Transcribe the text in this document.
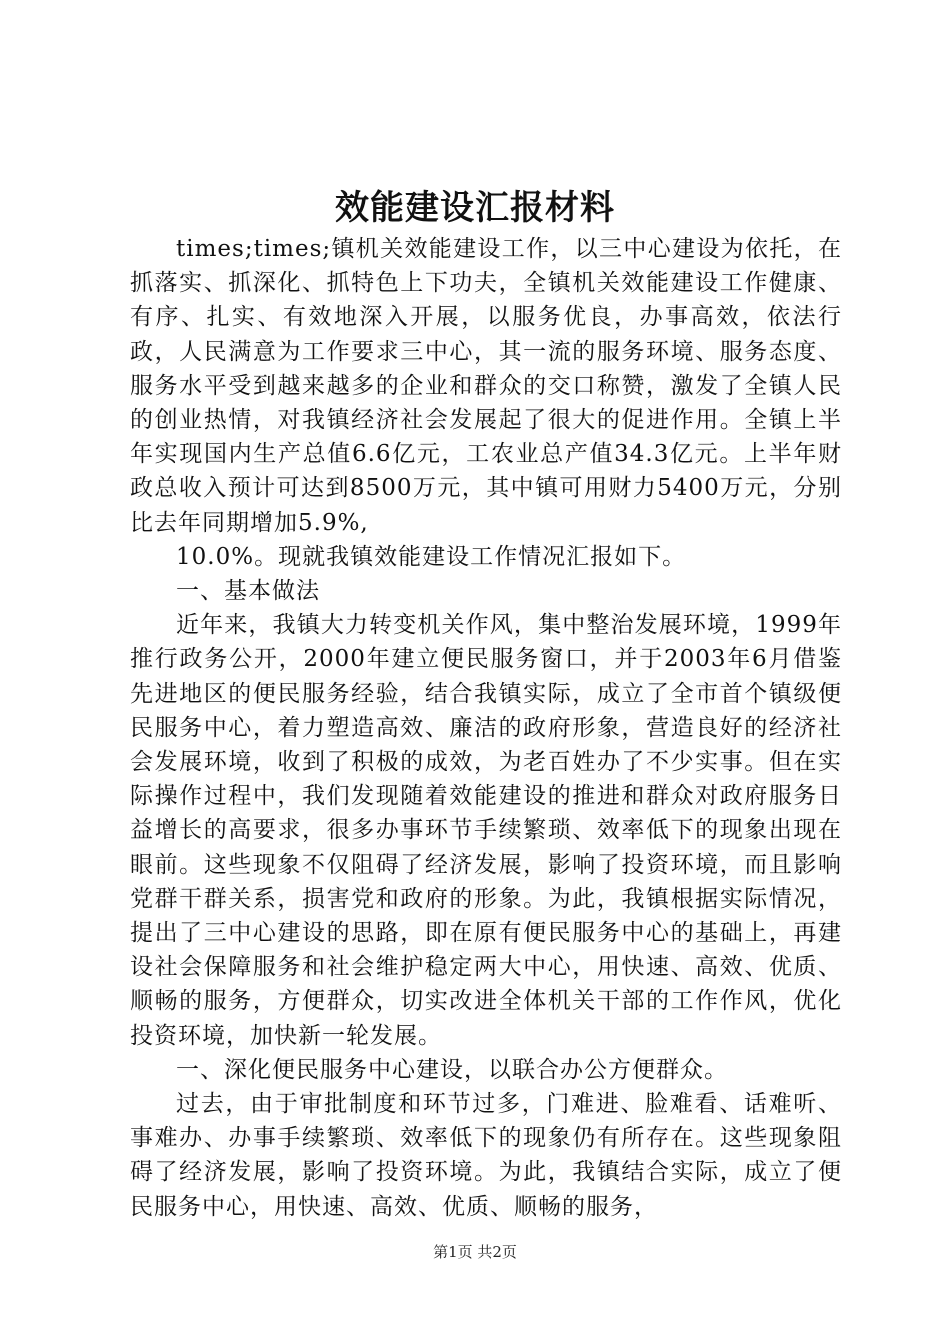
效能建设汇报材料

times;times;镇机关效能建设工作，以三中心建设为依托，在抓落实、抓深化、抓特色上下功夫，全镇机关效能建设工作健康、有序、扎实、有效地深入开展，以服务优良，办事高效，依法行政，人民满意为工作要求三中心，其一流的服务环境、服务态度、服务水平受到越来越多的企业和群众的交口称赞，激发了全镇人民的创业热情，对我镇经济社会发展起了很大的促进作用。全镇上半年实现国内生产总值6.6亿元，工农业总产值34.3亿元。上半年财政总收入预计可达到8500万元，其中镇可用财力5400万元，分别比去年同期增加5.9%,

10.0%。现就我镇效能建设工作情况汇报如下。

一、基本做法

近年来，我镇大力转变机关作风，集中整治发展环境，1999年推行政务公开，2000年建立便民服务窗口，并于2003年6月借鉴先进地区的便民服务经验，结合我镇实际，成立了全市首个镇级便民服务中心，着力塑造高效、廉洁的政府形象，营造良好的经济社会发展环境，收到了积极的成效，为老百姓办了不少实事。但在实际操作过程中，我们发现随着效能建设的推进和群众对政府服务日益增长的高要求，很多办事环节手续繁琐、效率低下的现象出现在眼前。这些现象不仅阻碍了经济发展，影响了投资环境，而且影响党群干群关系，损害党和政府的形象。为此，我镇根据实际情况，提出了三中心建设的思路，即在原有便民服务中心的基础上，再建设社会保障服务和社会维护稳定两大中心，用快速、高效、优质、顺畅的服务，方便群众，切实改进全体机关干部的工作作风，优化投资环境，加快新一轮发展。

一、深化便民服务中心建设，以联合办公方便群众。

过去，由于审批制度和环节过多，门难进、脸难看、话难听、事难办、办事手续繁琐、效率低下的现象仍有所存在。这些现象阻碍了经济发展，影响了投资环境。为此，我镇结合实际，成立了便民服务中心，用快速、高效、优质、顺畅的服务，

第1页 共2页
